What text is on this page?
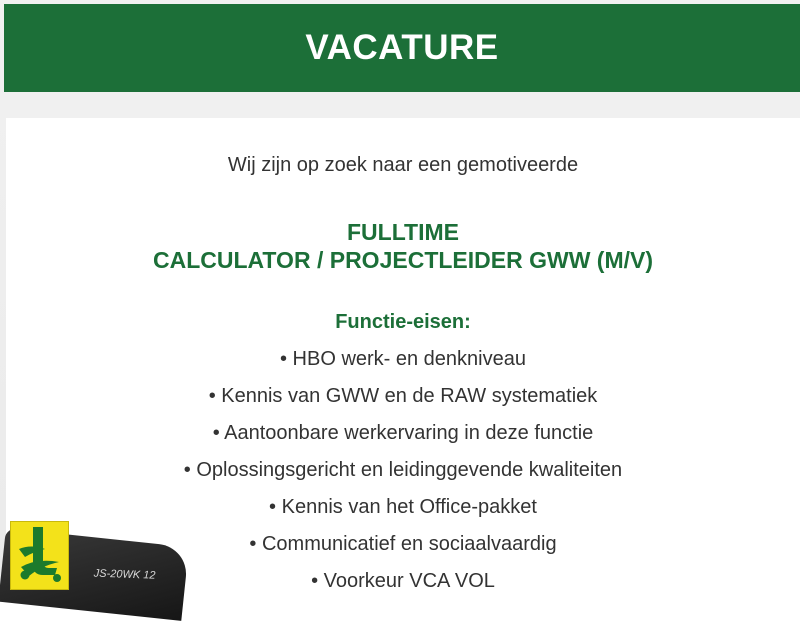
VACATURE
Wij zijn op zoek naar een gemotiveerde
FULLTIME
CALCULATOR / PROJECTLEIDER GWW (M/V)
Functie-eisen:
• HBO werk- en denkniveau
• Kennis van GWW en de RAW systematiek
• Aantoonbare werkervaring in deze functie
• Oplossingsgericht en leidinggevende kwaliteiten
• Kennis van het Office-pakket
• Communicatief en sociaalvaardig
• Voorkeur VCA VOL
JS-20WK 12
